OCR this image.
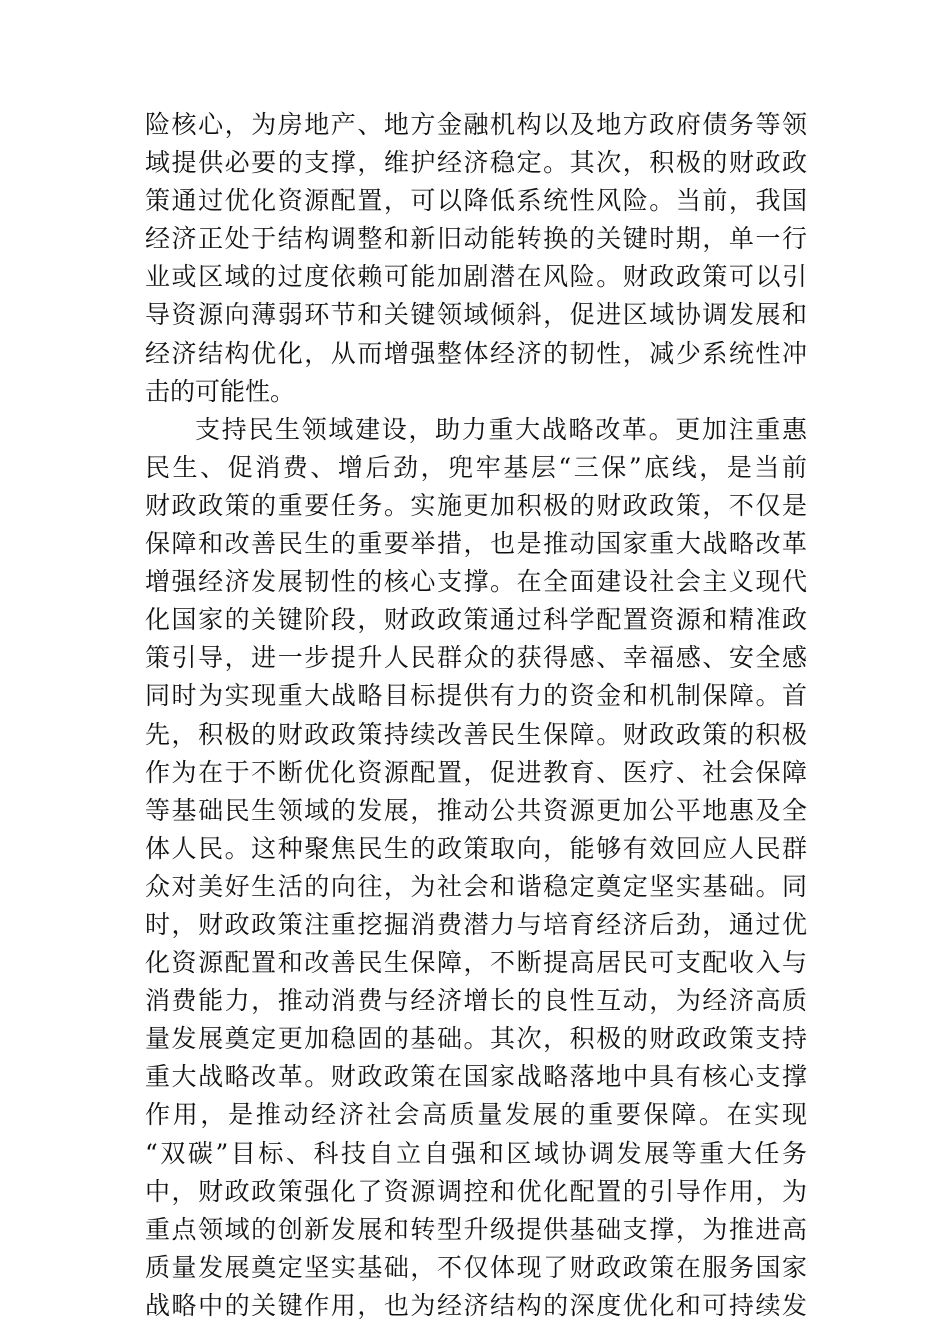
险核心，为房地产、地方金融机构以及地方政府债务等领
域提供必要的支撑，维护经济稳定。其次，积极的财政政
策通过优化资源配置，可以降低系统性风险。当前，我国
经济正处于结构调整和新旧动能转换的关键时期，单一行
业或区域的过度依赖可能加剧潜在风险。财政政策可以引
导资源向薄弱环节和关键领域倾斜，促进区域协调发展和
经济结构优化，从而增强整体经济的韧性，减少系统性冲
击的可能性。
支持民生领域建设，助力重大战略改革。更加注重惠
民生、促消费、增后劲，兜牢基层“三保”底线，是当前
财政政策的重要任务。实施更加积极的财政政策，不仅是
保障和改善民生的重要举措，也是推动国家重大战略改革
增强经济发展韧性的核心支撑。在全面建设社会主义现代
化国家的关键阶段，财政政策通过科学配置资源和精准政
策引导，进一步提升人民群众的获得感、幸福感、安全感
同时为实现重大战略目标提供有力的资金和机制保障。首
先，积极的财政政策持续改善民生保障。财政政策的积极
作为在于不断优化资源配置，促进教育、医疗、社会保障
等基础民生领域的发展，推动公共资源更加公平地惠及全
体人民。这种聚焦民生的政策取向，能够有效回应人民群
众对美好生活的向往，为社会和谐稳定奠定坚实基础。同
时，财政政策注重挖掘消费潜力与培育经济后劲，通过优
化资源配置和改善民生保障，不断提高居民可支配收入与
消费能力，推动消费与经济增长的良性互动，为经济高质
量发展奠定更加稳固的基础。其次，积极的财政政策支持
重大战略改革。财政政策在国家战略落地中具有核心支撑
作用，是推动经济社会高质量发展的重要保障。在实现
“双碳”目标、科技自立自强和区域协调发展等重大任务
中，财政政策强化了资源调控和优化配置的引导作用，为
重点领域的创新发展和转型升级提供基础支撑，为推进高
质量发展奠定坚实基础，不仅体现了财政政策在服务国家
战略中的关键作用，也为经济结构的深度优化和可持续发
